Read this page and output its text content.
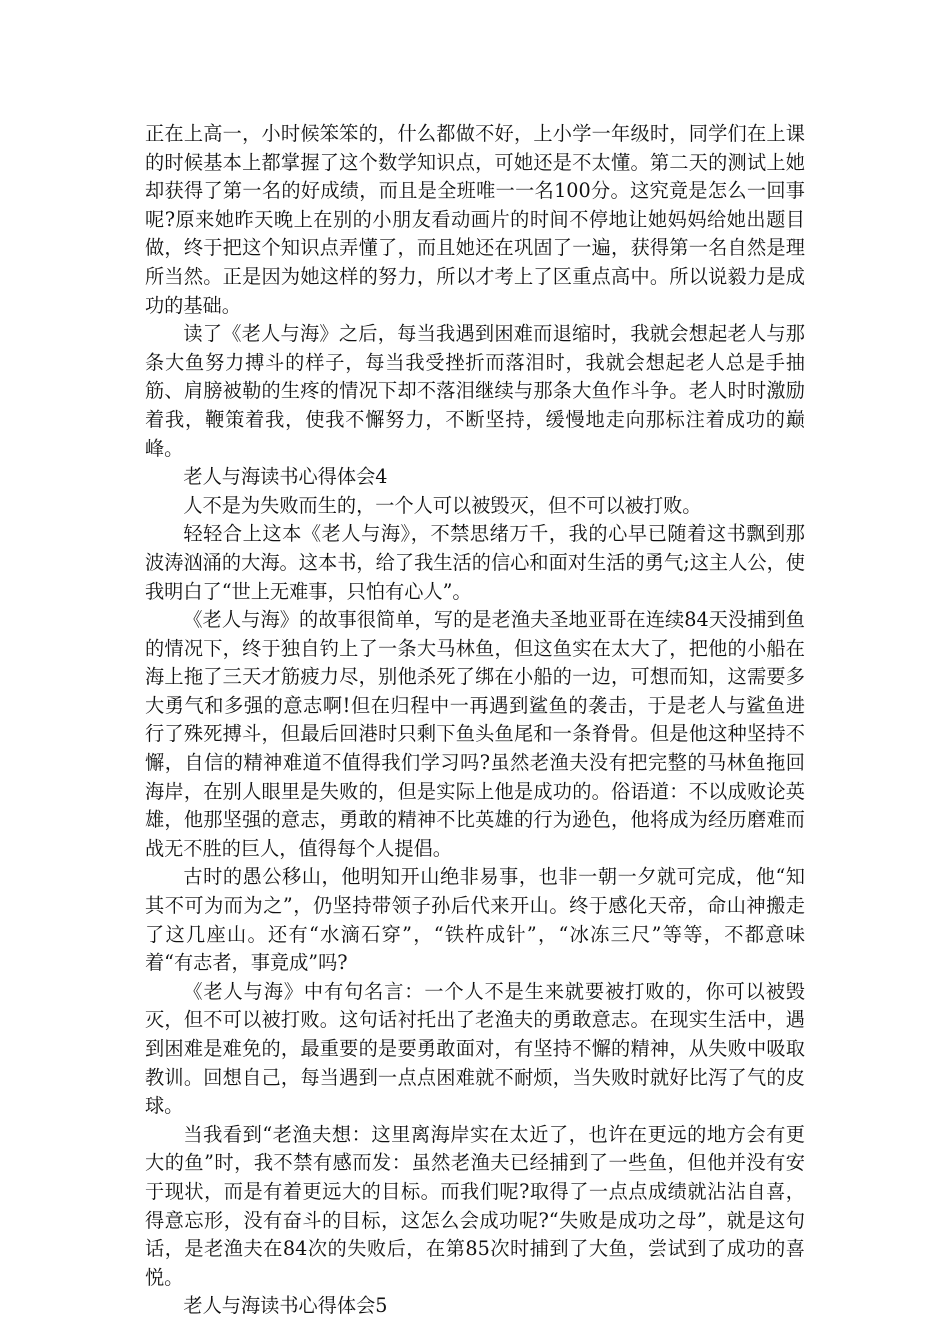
正在上高一，小时候笨笨的，什么都做不好，上小学一年级时，同学们在上课的时候基本上都掌握了这个数学知识点，可她还是不太懂。第二天的测试上她却获得了第一名的好成绩，而且是全班唯一一名100分。这究竟是怎么一回事呢?原来她昨天晚上在别的小朋友看动画片的时间不停地让她妈妈给她出题目做，终于把这个知识点弄懂了，而且她还在巩固了一遍，获得第一名自然是理所当然。正是因为她这样的努力，所以才考上了区重点高中。所以说毅力是成功的基础。

读了《老人与海》之后，每当我遇到困难而退缩时，我就会想起老人与那条大鱼努力搏斗的样子，每当我受挫折而落泪时，我就会想起老人总是手抽筋、肩膀被勒的生疼的情况下却不落泪继续与那条大鱼作斗争。老人时时激励着我，鞭策着我，使我不懈努力，不断坚持，缓慢地走向那标注着成功的巅峰。

老人与海读书心得体会4

人不是为失败而生的，一个人可以被毁灭，但不可以被打败。

轻轻合上这本《老人与海》，不禁思绪万千，我的心早已随着这书飘到那波涛汹涌的大海。这本书，给了我生活的信心和面对生活的勇气;这主人公，使我明白了“世上无难事，只怕有心人”。

《老人与海》的故事很简单，写的是老渔夫圣地亚哥在连续84天没捕到鱼的情况下，终于独自钓上了一条大马林鱼，但这鱼实在太大了，把他的小船在海上拖了三天才筋疲力尽，别他杀死了绑在小船的一边，可想而知，这需要多大勇气和多强的意志啊!但在归程中一再遇到鲨鱼的袭击，于是老人与鲨鱼进行了殊死搏斗，但最后回港时只剩下鱼头鱼尾和一条脊骨。但是他这种坚持不懈，自信的精神难道不值得我们学习吗?虽然老渔夫没有把完整的马林鱼拖回海岸，在别人眼里是失败的，但是实际上他是成功的。俗语道：不以成败论英雄，他那坚强的意志，勇敢的精神不比英雄的行为逊色，他将成为经历磨难而战无不胜的巨人，值得每个人提倡。

古时的愚公移山，他明知开山绝非易事，也非一朝一夕就可完成，他“知其不可为而为之”，仍坚持带领子孙后代来开山。终于感化天帝，命山神搬走了这几座山。还有“水滴石穿”，“铁杵成针”，“冰冻三尺”等等，不都意味着“有志者，事竟成”吗?

《老人与海》中有句名言：一个人不是生来就要被打败的，你可以被毁灭，但不可以被打败。这句话衬托出了老渔夫的勇敢意志。在现实生活中，遇到困难是难免的，最重要的是要勇敢面对，有坚持不懈的精神，从失败中吸取教训。回想自己，每当遇到一点点困难就不耐烦，当失败时就好比泻了气的皮球。

当我看到“老渔夫想：这里离海岸实在太近了，也许在更远的地方会有更大的鱼”时，我不禁有感而发：虽然老渔夫已经捕到了一些鱼，但他并没有安于现状，而是有着更远大的目标。而我们呢?取得了一点点成绩就沾沾自喜，得意忘形，没有奋斗的目标，这怎么会成功呢?“失败是成功之母”，就是这句话，是老渔夫在84次的失败后，在第85次时捕到了大鱼，尝试到了成功的喜悦。

老人与海读书心得体会5
